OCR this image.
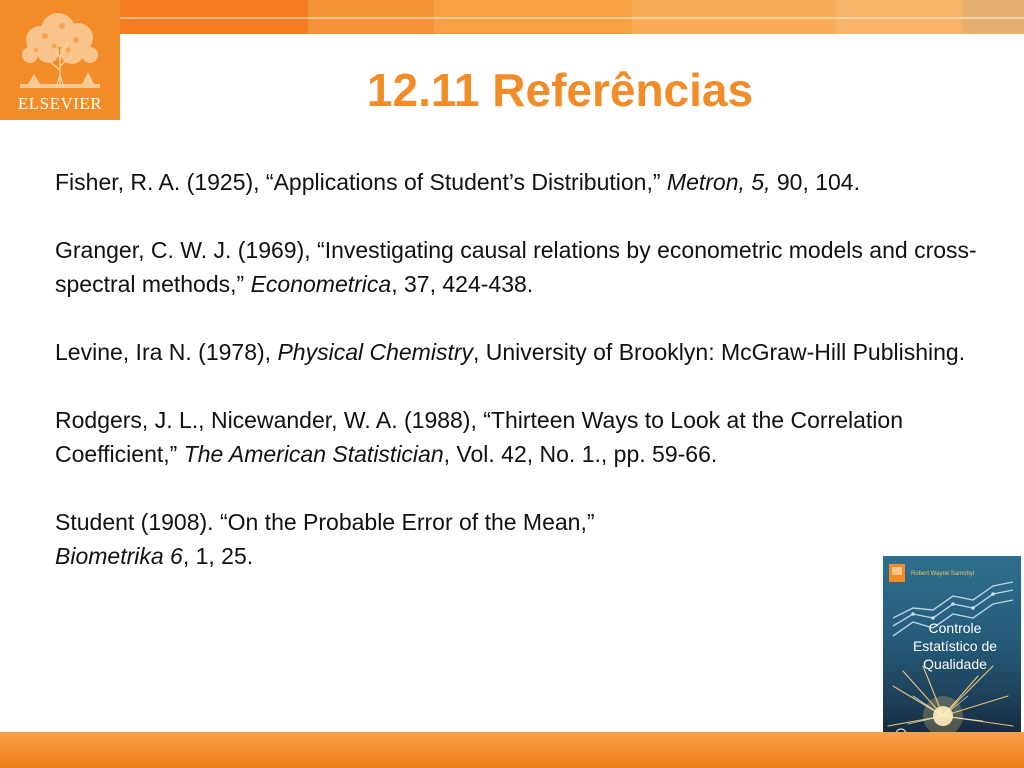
ELSEVIER	12.11 Referências

Fisher, R. A. (1925), “Applications of Student’s Distribution,” Metron, 5, 90, 104.

Granger, C. W. J. (1969), “Investigating causal relations by econometric models and cross-spectral methods,” Econometrica, 37, 424-438.

Levine, Ira N. (1978), Physical Chemistry, University of Brooklyn: McGraw-Hill Publishing.

Rodgers, J. L., Nicewander, W. A. (1988), “Thirteen Ways to Look at the Correlation Coefficient,” The American Statistician, Vol. 42, No. 1., pp. 59-66.

Student (1908). “On the Probable Error of the Mean,”
Biometrika 6, 1, 25.

Robert Wayne Samohyl
Controle
Estatístico de
Qualidade
